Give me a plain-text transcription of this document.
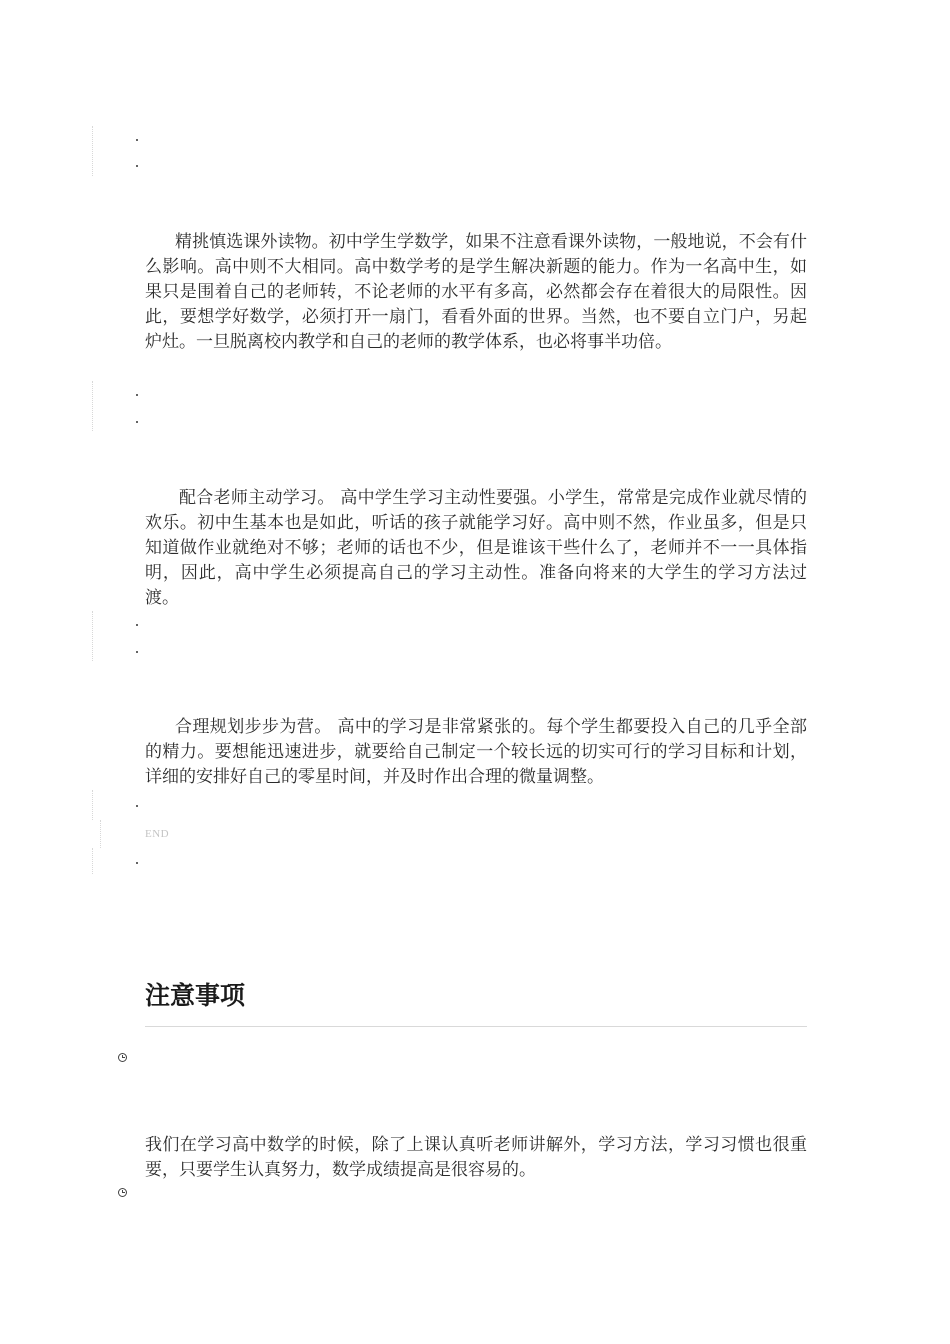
精挑慎选课外读物。初中学生学数学，如果不注意看课外读物，一般地说，不会有什么影响。高中则不大相同。高中数学考的是学生解决新题的能力。作为一名高中生，如果只是围着自己的老师转，不论老师的水平有多高，必然都会存在着很大的局限性。因此，要想学好数学，必须打开一扇门，看看外面的世界。当然，也不要自立门户，另起炉灶。一旦脱离校内教学和自己的老师的教学体系，也必将事半功倍。

配合老师主动学习。 高中学生学习主动性要强。小学生，常常是完成作业就尽情的欢乐。初中生基本也是如此，听话的孩子就能学习好。高中则不然，作业虽多，但是只知道做作业就绝对不够；老师的话也不少，但是谁该干些什么了，老师并不一一具体指明，因此，高中学生必须提高自己的学习主动性。准备向将来的大学生的学习方法过渡。

合理规划步步为营。 高中的学习是非常紧张的。每个学生都要投入自己的几乎全部的精力。要想能迅速进步，就要给自己制定一个较长远的切实可行的学习目标和计划，详细的安排好自己的零星时间，并及时作出合理的微量调整。

END
注意事项

我们在学习高中数学的时候，除了上课认真听老师讲解外，学习方法，学习习惯也很重要，只要学生认真努力，数学成绩提高是很容易的。
